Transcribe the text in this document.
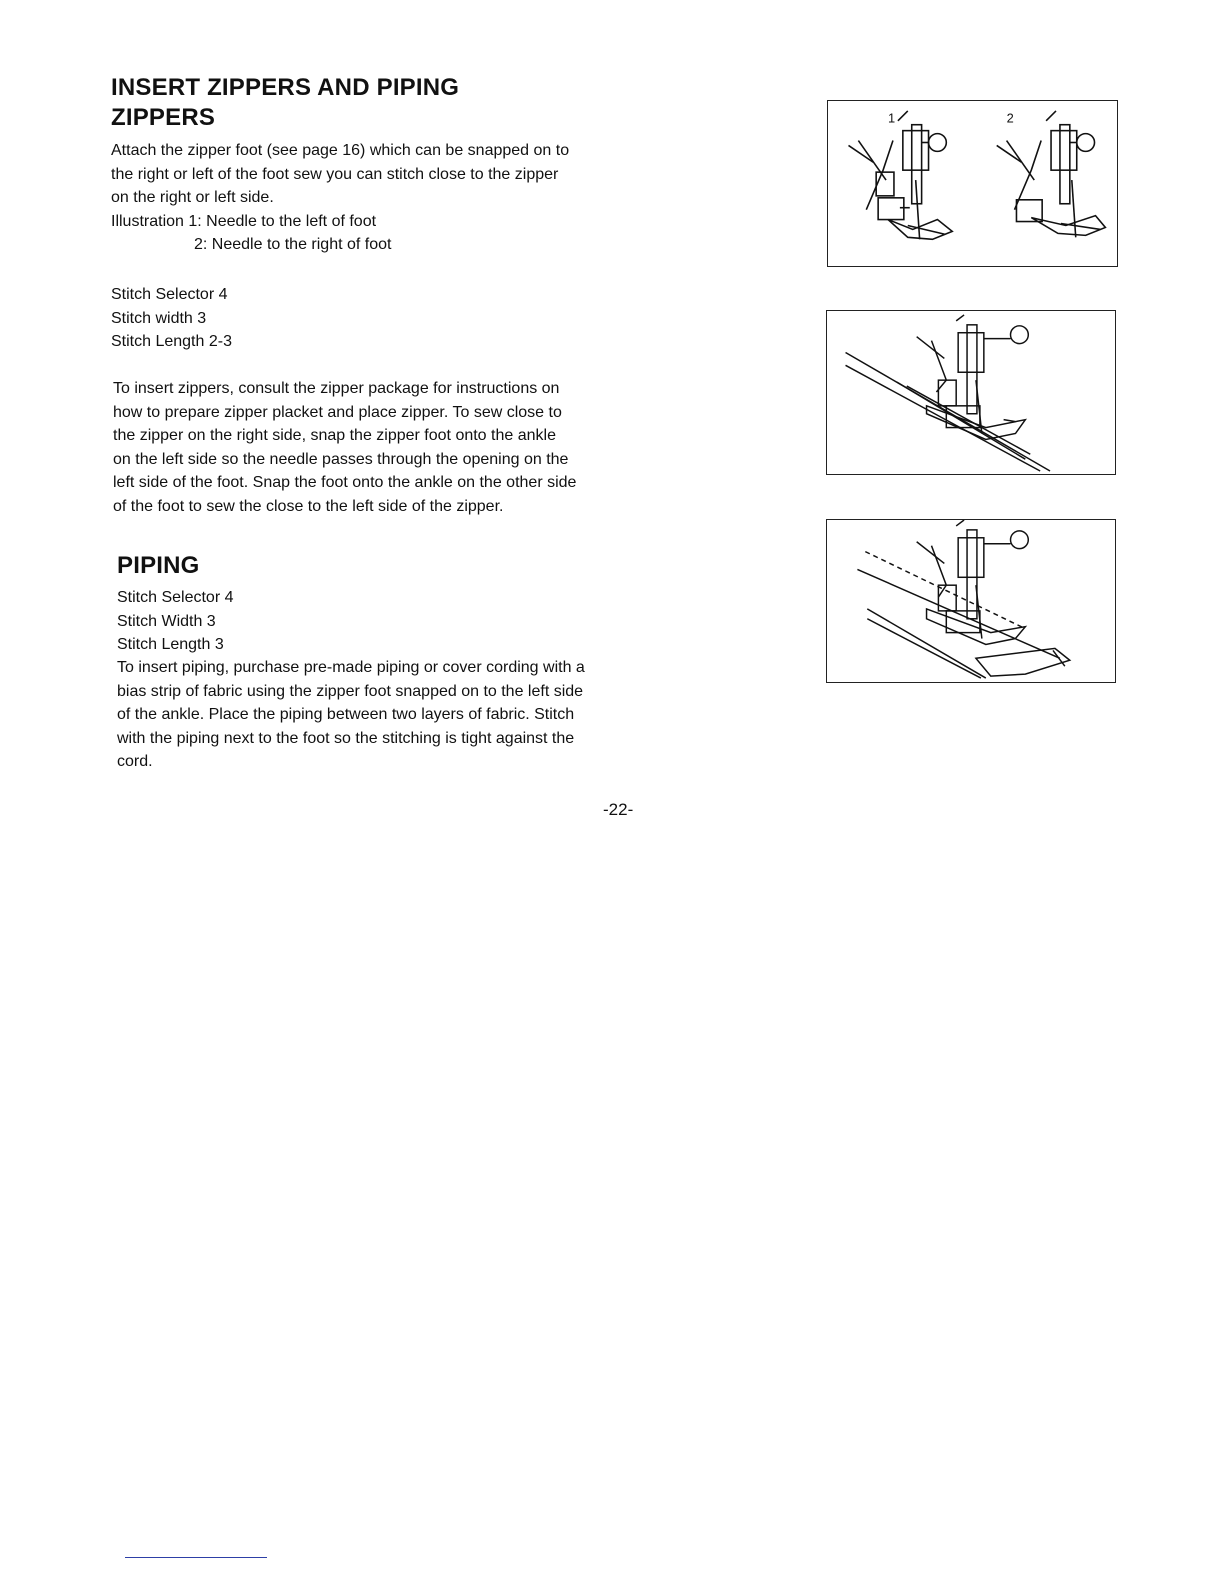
INSERT ZIPPERS AND PIPING
ZIPPERS
Attach the zipper foot (see page 16) which can be snapped on to
the right or left of the foot sew you can stitch close to the zipper
on the right or left side.
Illustration 1: Needle to the left of foot
2: Needle to the right of foot
Stitch Selector 4
Stitch width 3
Stitch Length 2-3
To insert zippers, consult the zipper package for instructions on
how to prepare zipper placket and place zipper. To sew close to
the zipper on the right side, snap the zipper foot onto the ankle
on the left side so the needle passes through the opening on the
left side of the foot. Snap the foot onto the ankle on the other side
of the foot to sew the close to the left side of the zipper.
PIPING
Stitch Selector 4
Stitch Width 3
Stitch Length 3
To insert piping, purchase pre-made piping or cover cording with a
bias strip of fabric using the zipper foot snapped on to the left side
of the ankle. Place the piping between two layers of fabric. Stitch
with the piping next to the foot so the stitching is tight against the
cord.
1	2
-22-
